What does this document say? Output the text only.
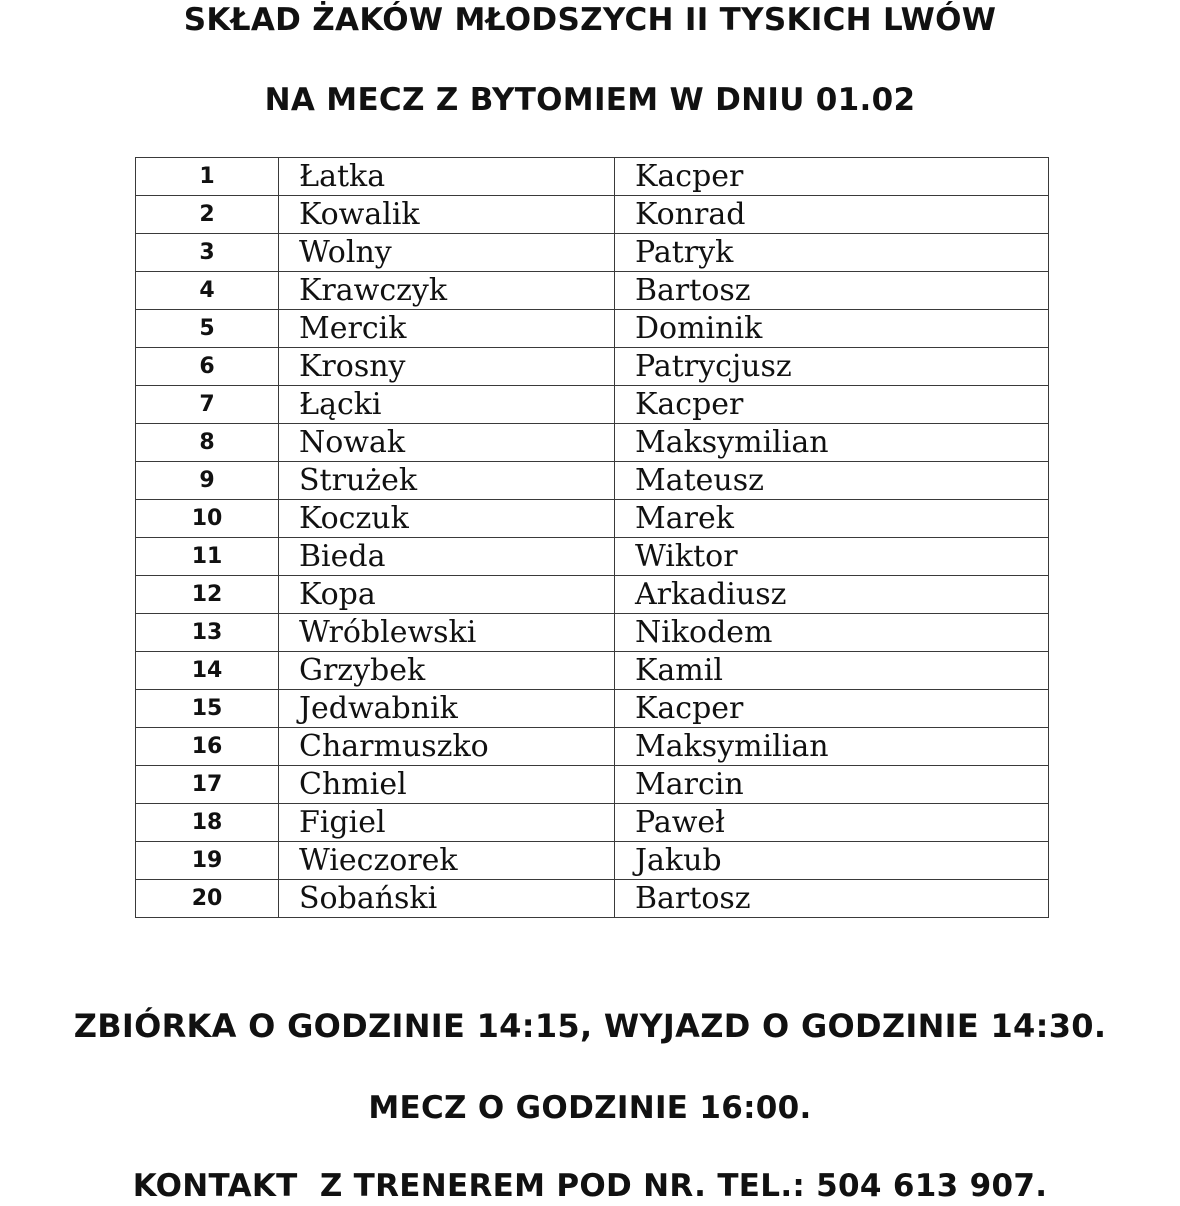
SKŁAD ŻAKÓW MŁODSZYCH II TYSKICH LWÓW
NA MECZ Z BYTOMIEM W DNIU 01.02
1	Łatka	Kacper
2	Kowalik	Konrad
3	Wolny	Patryk
4	Krawczyk	Bartosz
5	Mercik	Dominik
6	Krosny	Patrycjusz
7	Łącki	Kacper
8	Nowak	Maksymilian
9	Strużek	Mateusz
10	Koczuk	Marek
11	Bieda	Wiktor
12	Kopa	Arkadiusz
13	Wróblewski	Nikodem
14	Grzybek	Kamil
15	Jedwabnik	Kacper
16	Charmuszko	Maksymilian
17	Chmiel	Marcin
18	Figiel	Paweł
19	Wieczorek	Jakub
20	Sobański	Bartosz
ZBIÓRKA O GODZINIE 14:15, WYJAZD O GODZINIE 14:30.
MECZ O GODZINIE 16:00.
KONTAKT  Z TRENEREM POD NR. TEL.: 504 613 907.
